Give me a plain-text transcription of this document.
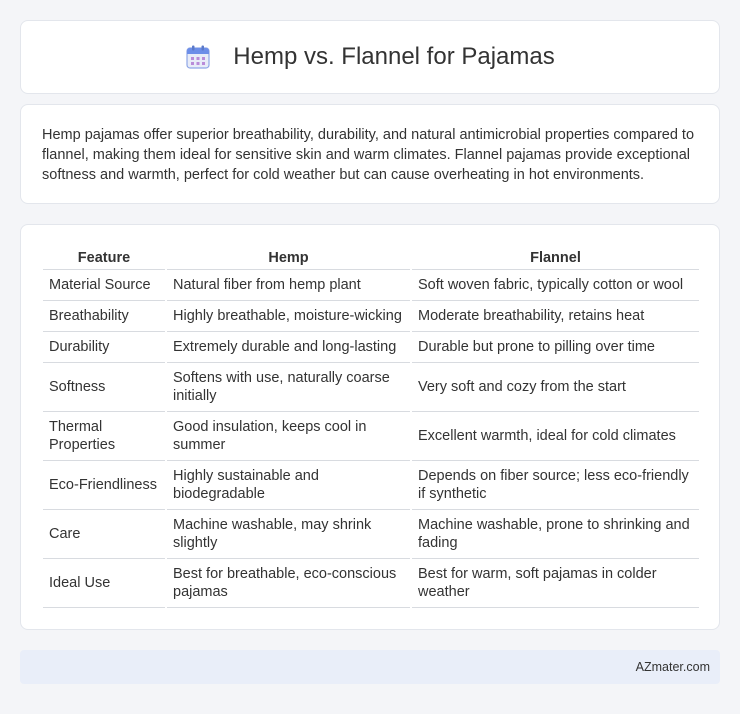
Hemp vs. Flannel for Pajamas

Hemp pajamas offer superior breathability, durability, and natural antimicrobial properties compared to flannel, making them ideal for sensitive skin and warm climates. Flannel pajamas provide exceptional softness and warmth, perfect for cold weather but can cause overheating in hot environments.

Feature	Hemp	Flannel
Material Source	Natural fiber from hemp plant	Soft woven fabric, typically cotton or wool
Breathability	Highly breathable, moisture-wicking	Moderate breathability, retains heat
Durability	Extremely durable and long-lasting	Durable but prone to pilling over time
Softness	Softens with use, naturally coarse initially	Very soft and cozy from the start
Thermal Properties	Good insulation, keeps cool in summer	Excellent warmth, ideal for cold climates
Eco-Friendliness	Highly sustainable and biodegradable	Depends on fiber source; less eco-friendly if synthetic
Care	Machine washable, may shrink slightly	Machine washable, prone to shrinking and fading
Ideal Use	Best for breathable, eco-conscious pajamas	Best for warm, soft pajamas in colder weather
AZmater.com
